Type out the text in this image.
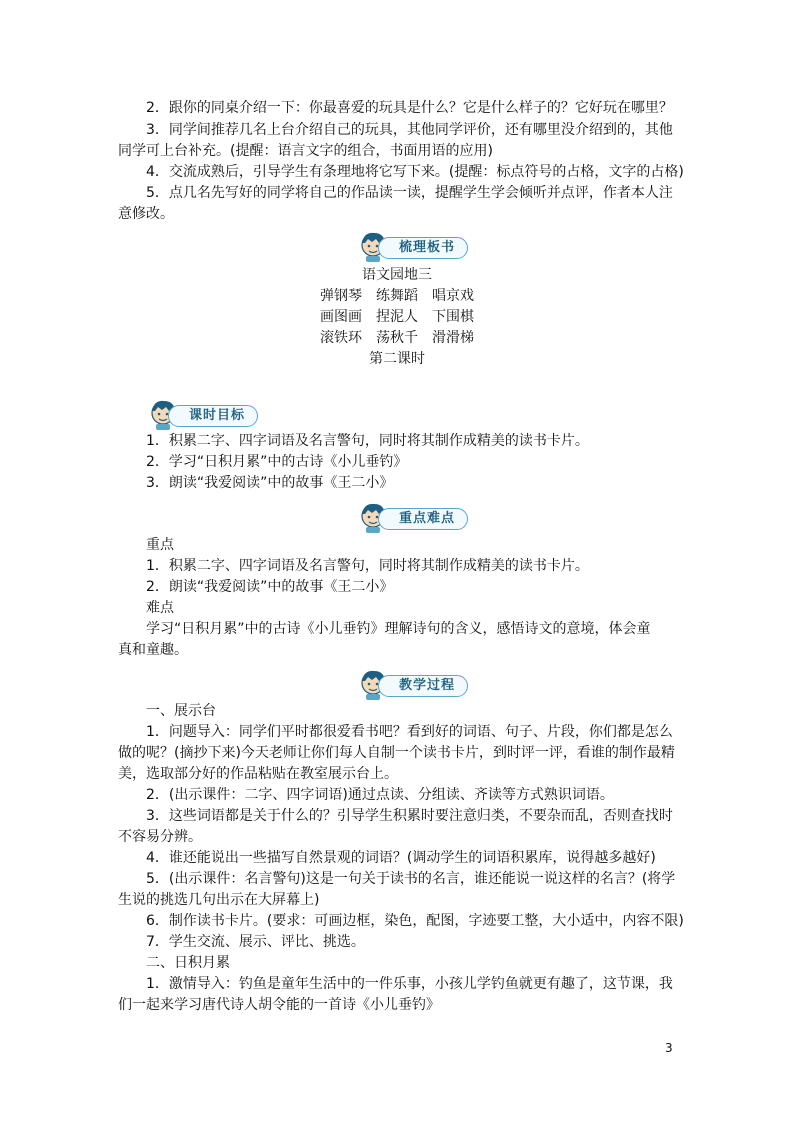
2．跟你的同桌介绍一下：你最喜爱的玩具是什么？它是什么样子的？它好玩在哪里？
3．同学间推荐几名上台介绍自己的玩具，其他同学评价，还有哪里没介绍到的，其他
同学可上台补充。(提醒：语言文字的组合，书面用语的应用)
4．交流成熟后，引导学生有条理地将它写下来。(提醒：标点符号的占格，文字的占格)
5．点几名先写好的同学将自己的作品读一读，提醒学生学会倾听并点评，作者本人注
意修改。
梳理板书
语文园地三
弹钢琴　练舞蹈　唱京戏
画图画　捏泥人　下围棋
滚铁环　荡秋千　滑滑梯
第二课时
课时目标
1．积累二字、四字词语及名言警句，同时将其制作成精美的读书卡片。
2．学习“日积月累”中的古诗《小儿垂钓》
3．朗读“我爱阅读”中的故事《王二小》
重点难点
重点
1．积累二字、四字词语及名言警句，同时将其制作成精美的读书卡片。
2．朗读“我爱阅读”中的故事《王二小》
难点
学习“日积月累”中的古诗《小儿垂钓》理解诗句的含义，感悟诗文的意境，体会童
真和童趣。
教学过程
一、展示台
1．问题导入：同学们平时都很爱看书吧？看到好的词语、句子、片段，你们都是怎么
做的呢？(摘抄下来)今天老师让你们每人自制一个读书卡片，到时评一评，看谁的制作最精
美，选取部分好的作品粘贴在教室展示台上。
2．(出示课件：二字、四字词语)通过点读、分组读、齐读等方式熟识词语。
3．这些词语都是关于什么的？引导学生积累时要注意归类，不要杂而乱，否则查找时
不容易分辨。
4．谁还能说出一些描写自然景观的词语？(调动学生的词语积累库，说得越多越好)
5．(出示课件：名言警句)这是一句关于读书的名言，谁还能说一说这样的名言？(将学
生说的挑选几句出示在大屏幕上)
6．制作读书卡片。(要求：可画边框，染色，配图，字迹要工整，大小适中，内容不限)
7．学生交流、展示、评比、挑选。
二、日积月累
1．激情导入：钓鱼是童年生活中的一件乐事，小孩儿学钓鱼就更有趣了，这节课，我
们一起来学习唐代诗人胡令能的一首诗《小儿垂钓》
3
